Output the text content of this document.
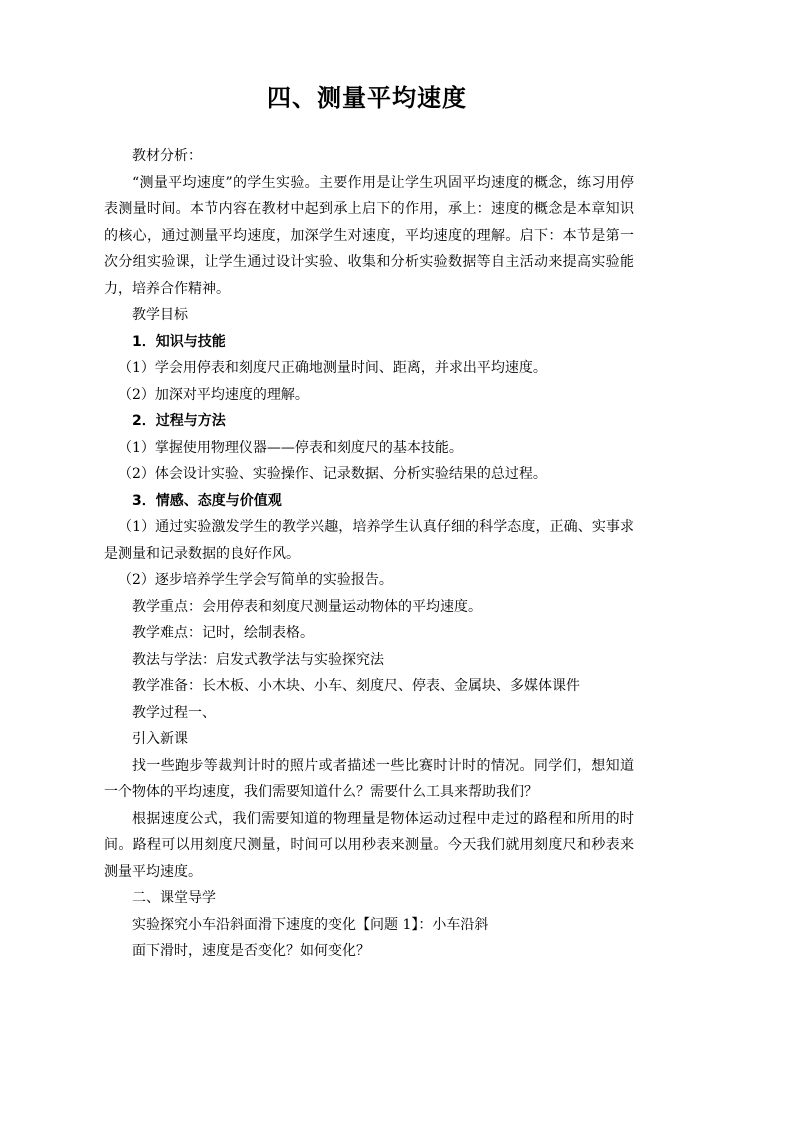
四、测量平均速度

教材分析：

“测量平均速度”的学生实验。主要作用是让学生巩固平均速度的概念，练习用停表测量时间。本节内容在教材中起到承上启下的作用，承上：速度的概念是本章知识的核心，通过测量平均速度，加深学生对速度，平均速度的理解。启下：本节是第一次分组实验课，让学生通过设计实验、收集和分析实验数据等自主活动来提高实验能力，培养合作精神。

教学目标

1．知识与技能

（1）学会用停表和刻度尺正确地测量时间、距离，并求出平均速度。

（2）加深对平均速度的理解。

2．过程与方法

（1）掌握使用物理仪器——停表和刻度尺的基本技能。

（2）体会设计实验、实验操作、记录数据、分析实验结果的总过程。

3．情感、态度与价值观

（1）通过实验激发学生的教学兴趣，培养学生认真仔细的科学态度，正确、实事求是测量和记录数据的良好作风。

（2）逐步培养学生学会写简单的实验报告。

教学重点：会用停表和刻度尺测量运动物体的平均速度。

教学难点：记时，绘制表格。

教法与学法：启发式教学法与实验探究法

教学准备：长木板、小木块、小车、刻度尺、停表、金属块、多媒体课件

教学过程一、

引入新课

找一些跑步等裁判计时的照片或者描述一些比赛时计时的情况。同学们，想知道一个物体的平均速度，我们需要知道什么？需要什么工具来帮助我们？

根据速度公式，我们需要知道的物理量是物体运动过程中走过的路程和所用的时间。路程可以用刻度尺测量，时间可以用秒表来测量。今天我们就用刻度尺和秒表来测量平均速度。

二、课堂导学

实验探究小车沿斜面滑下速度的变化【问题 1】：小车沿斜

面下滑时，速度是否变化？如何变化？
